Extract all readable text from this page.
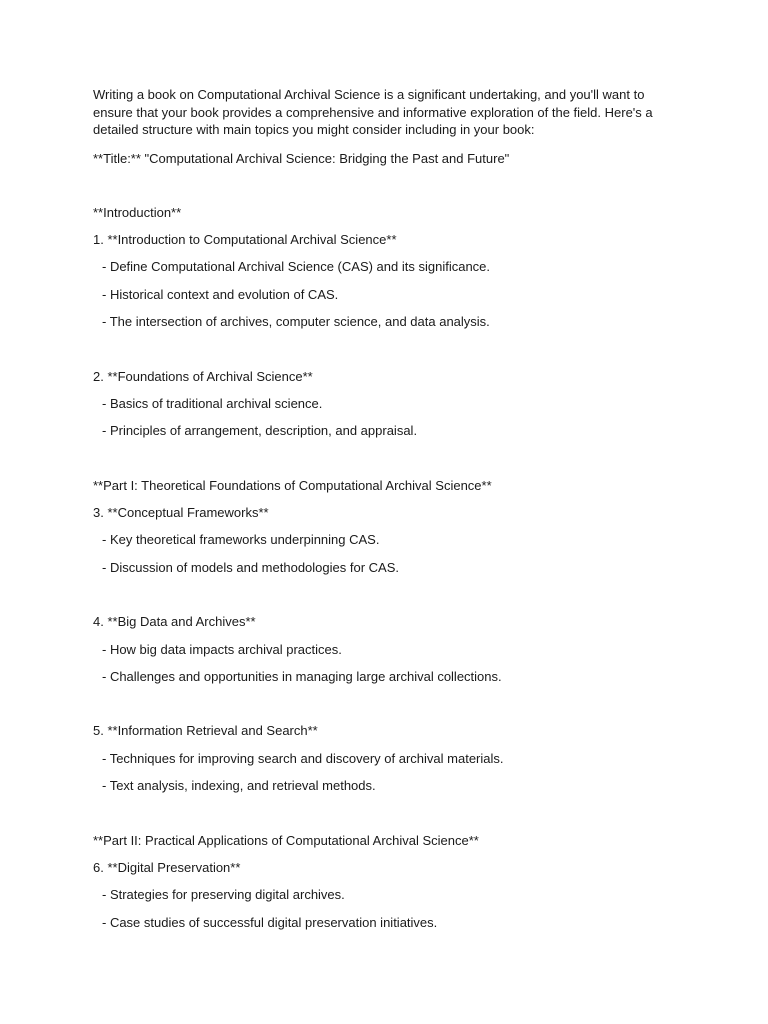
Writing a book on Computational Archival Science is a significant undertaking, and you'll want to ensure that your book provides a comprehensive and informative exploration of the field. Here's a detailed structure with main topics you might consider including in your book:

**Title:** "Computational Archival Science: Bridging the Past and Future"

**Introduction**

1. **Introduction to Computational Archival Science**

- Define Computational Archival Science (CAS) and its significance.

- Historical context and evolution of CAS.

- The intersection of archives, computer science, and data analysis.

2. **Foundations of Archival Science**

- Basics of traditional archival science.

- Principles of arrangement, description, and appraisal.

**Part I: Theoretical Foundations of Computational Archival Science**

3. **Conceptual Frameworks**

- Key theoretical frameworks underpinning CAS.

- Discussion of models and methodologies for CAS.

4. **Big Data and Archives**

- How big data impacts archival practices.

- Challenges and opportunities in managing large archival collections.

5. **Information Retrieval and Search**

- Techniques for improving search and discovery of archival materials.

- Text analysis, indexing, and retrieval methods.

**Part II: Practical Applications of Computational Archival Science**

6. **Digital Preservation**

- Strategies for preserving digital archives.

- Case studies of successful digital preservation initiatives.
